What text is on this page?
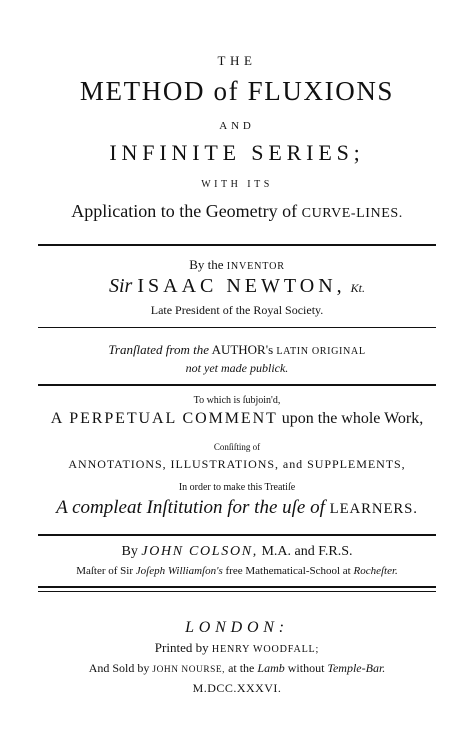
THE
METHOD of FLUXIONS
AND
INFINITE SERIES;
WITH ITS
Application to the Geometry of CURVE-LINES.
By the INVENTOR
Sir ISAAC NEWTON, Kt.
Late President of the Royal Society.
Tranſlated from the AUTHOR's LATIN ORIGINAL
not yet made publick.
To which is ſubjoin'd,
A PERPETUAL COMMENT upon the whole Work,
Conſiſting of
ANNOTATIONS, ILLUSTRATIONS, and SUPPLEMENTS,
In order to make this Treatiſe
A compleat Inſtitution for the uſe of LEARNERS.
By JOHN COLSON, M.A. and F.R.S.
Maſter of Sir Joſeph Williamſon's free Mathematical-School at Rocheſter.
LONDON:
Printed by HENRY WOODFALL;
And Sold by JOHN NOURSE, at the Lamb without Temple-Bar.
M.DCC.XXXVI.
